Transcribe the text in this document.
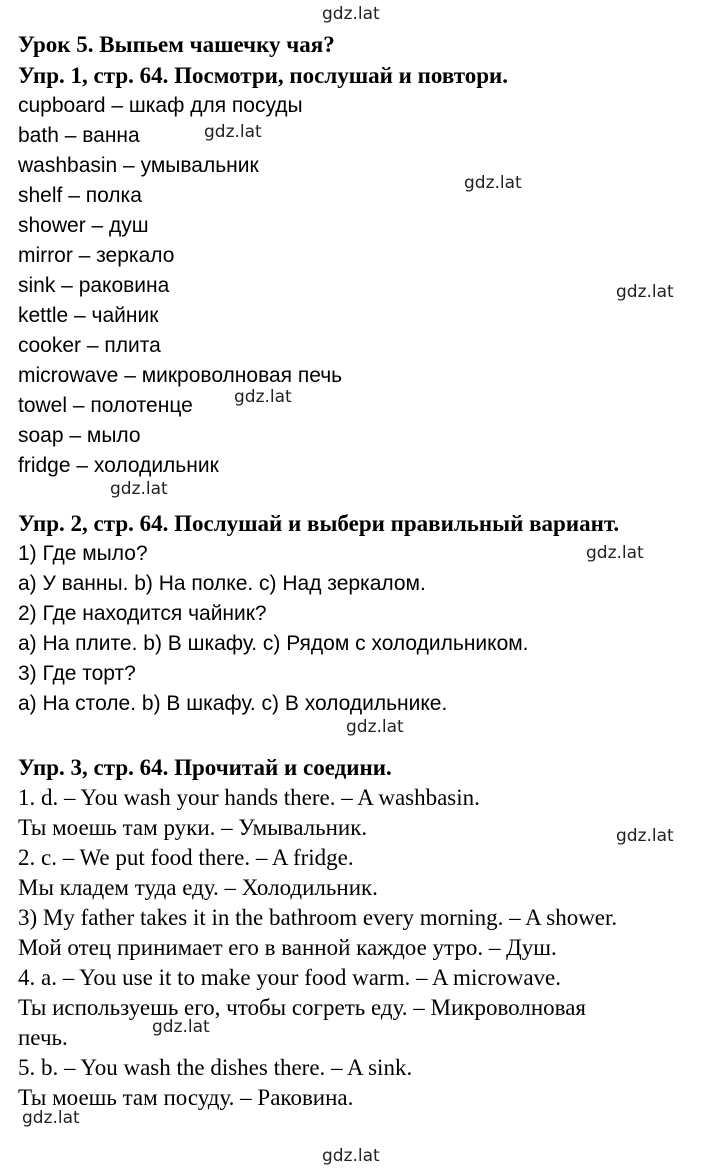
Урок 5. Выпьем чашечку чая?
Упр. 1, стр. 64. Посмотри, послушай и повтори.
cupboard – шкаф для посуды
bath – ванна
washbasin – умывальник
shelf – полка
shower – душ
mirror – зеркало
sink – раковина
kettle – чайник
cooker – плита
microwave – микроволновая печь
towel – полотенце
soap – мыло
fridge – холодильник
Упр. 2, стр. 64. Послушай и выбери правильный вариант.
1) Где мыло?
a) У ванны. b) На полке. c) Над зеркалом.
2) Где находится чайник?
a) На плите. b) В шкафу. c) Рядом с холодильником.
3) Где торт?
a) На столе. b) В шкафу. c) В холодильнике.
Упр. 3, стр. 64. Прочитай и соедини.
1. d. – You wash your hands there. – A washbasin.
Ты моешь там руки. – Умывальник.
2. c. – We put food there. – A fridge.
Мы кладем туда еду. – Холодильник.
3) My father takes it in the bathroom every morning. – A shower.
Мой отец принимает его в ванной каждое утро. – Душ.
4. a. – You use it to make your food warm. – A microwave.
Ты используешь его, чтобы согреть еду. – Микроволновая
печь.
5. b. – You wash the dishes there. – A sink.
Ты моешь там посуду. – Раковина.
gdz.lat
gdz.lat
gdz.lat
gdz.lat
gdz.lat
gdz.lat
gdz.lat
gdz.lat
gdz.lat
gdz.lat
gdz.lat
gdz.lat
